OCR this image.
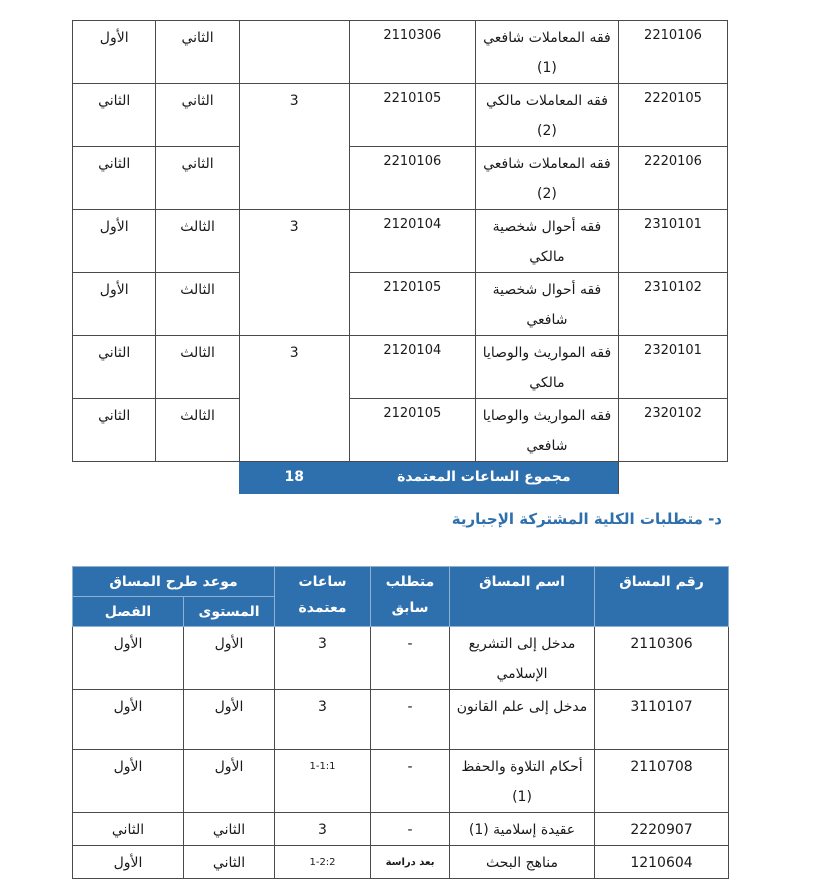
2210106	فقه المعاملات شافعي (1)	2110306		الثاني	الأول
2220105	فقه المعاملات مالكي (2)	2210105	3	الثاني	الثاني
2220106	فقه المعاملات شافعي (2)	2210106		الثاني	الثاني
2310101	فقه أحوال شخصية مالكي	2120104	3	الثالث	الأول
2310102	فقه أحوال شخصية شافعي	2120105		الثالث	الأول
2320101	فقه المواريث والوصايا مالكي	2120104	3	الثالث	الثاني
2320102	فقه المواريث والوصايا شافعي	2120105		الثالث	الثاني
	مجموع الساعات المعتمدة		18		
د- متطلبات الكلية المشتركة الإجبارية
رقم المساق	اسم المساق	متطلب سابق	ساعات معتمدة	موعد طرح المساق	
				المستوى	الفصل
2110306	مدخل إلى التشريع الإسلامي	-	3	الأول	الأول
3110107	مدخل إلى علم القانون	-	3	الأول	الأول
2110708	أحكام التلاوة والحفظ (1)	-	1-1:1	الأول	الأول
2220907	عقيدة إسلامية (1)	-	3	الثاني	الثاني
1210604	مناهج البحث	بعد دراسة	1-2:2	الثاني	الأول
